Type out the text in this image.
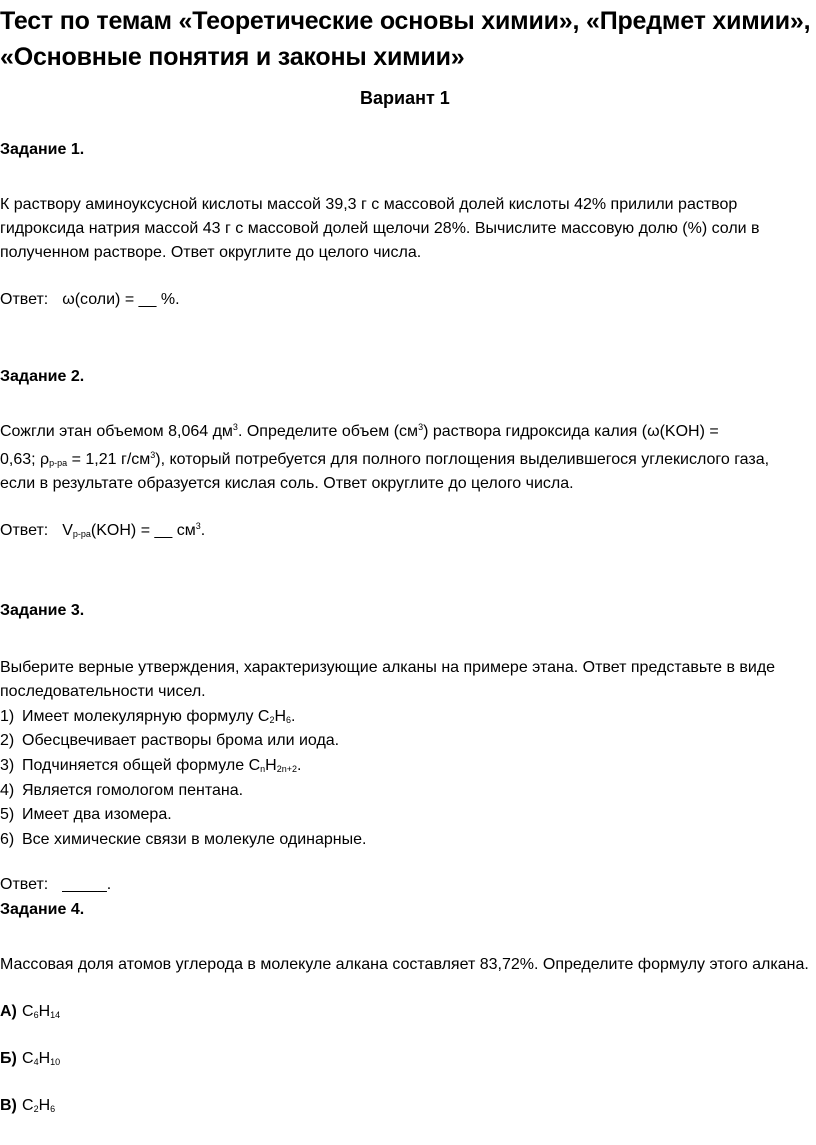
Тест по темам «Теоретические основы химии», «Предмет химии»,
«Основные понятия и законы химии»
Вариант 1
Задание 1.
К раствору аминоуксусной кислоты массой 39,3 г с массовой долей кислоты 42% прилили раствор
гидроксида натрия массой 43 г с массовой долей щелочи 28%. Вычислите массовую долю (%) соли в
полученном растворе. Ответ округлите до целого числа.
Ответ: ω(соли) = __ %.
Задание 2.
Сожгли этан объемом 8,064 $дм^3$. Определите объем $(см^3)$ раствора гидроксида калия (ω(KOH) =
0,63; $\rho_{р-ра} = 1,21$ $г/см^3$), который потребуется для полного поглощения выделившегося углекислого газа,
если в результате образуется кислая соль. Ответ округлите до целого числа.
Ответ: $V_{р-ра}(KOH)$ = __ $см^3$.
Задание 3.
Выберите верные утверждения, характеризующие алканы на примере этана. Ответ представьте в виде
последовательности чисел.
1) Имеет молекулярную формулу $C_2H_6$.
2) Обесцвечивает растворы брома или иода.
3) Подчиняется общей формуле $C_nH_{2n+2}$.
4) Является гомологом пентана.
5) Имеет два изомера.
6) Все химические связи в молекуле одинарные.
Ответ: _____.
Задание 4.
Массовая доля атомов углерода в молекуле алкана составляет 83,72%. Определите формулу этого алкана.
А) $C_6H_{14}$
Б) $C_4H_{10}$
В) $C_2H_6$
